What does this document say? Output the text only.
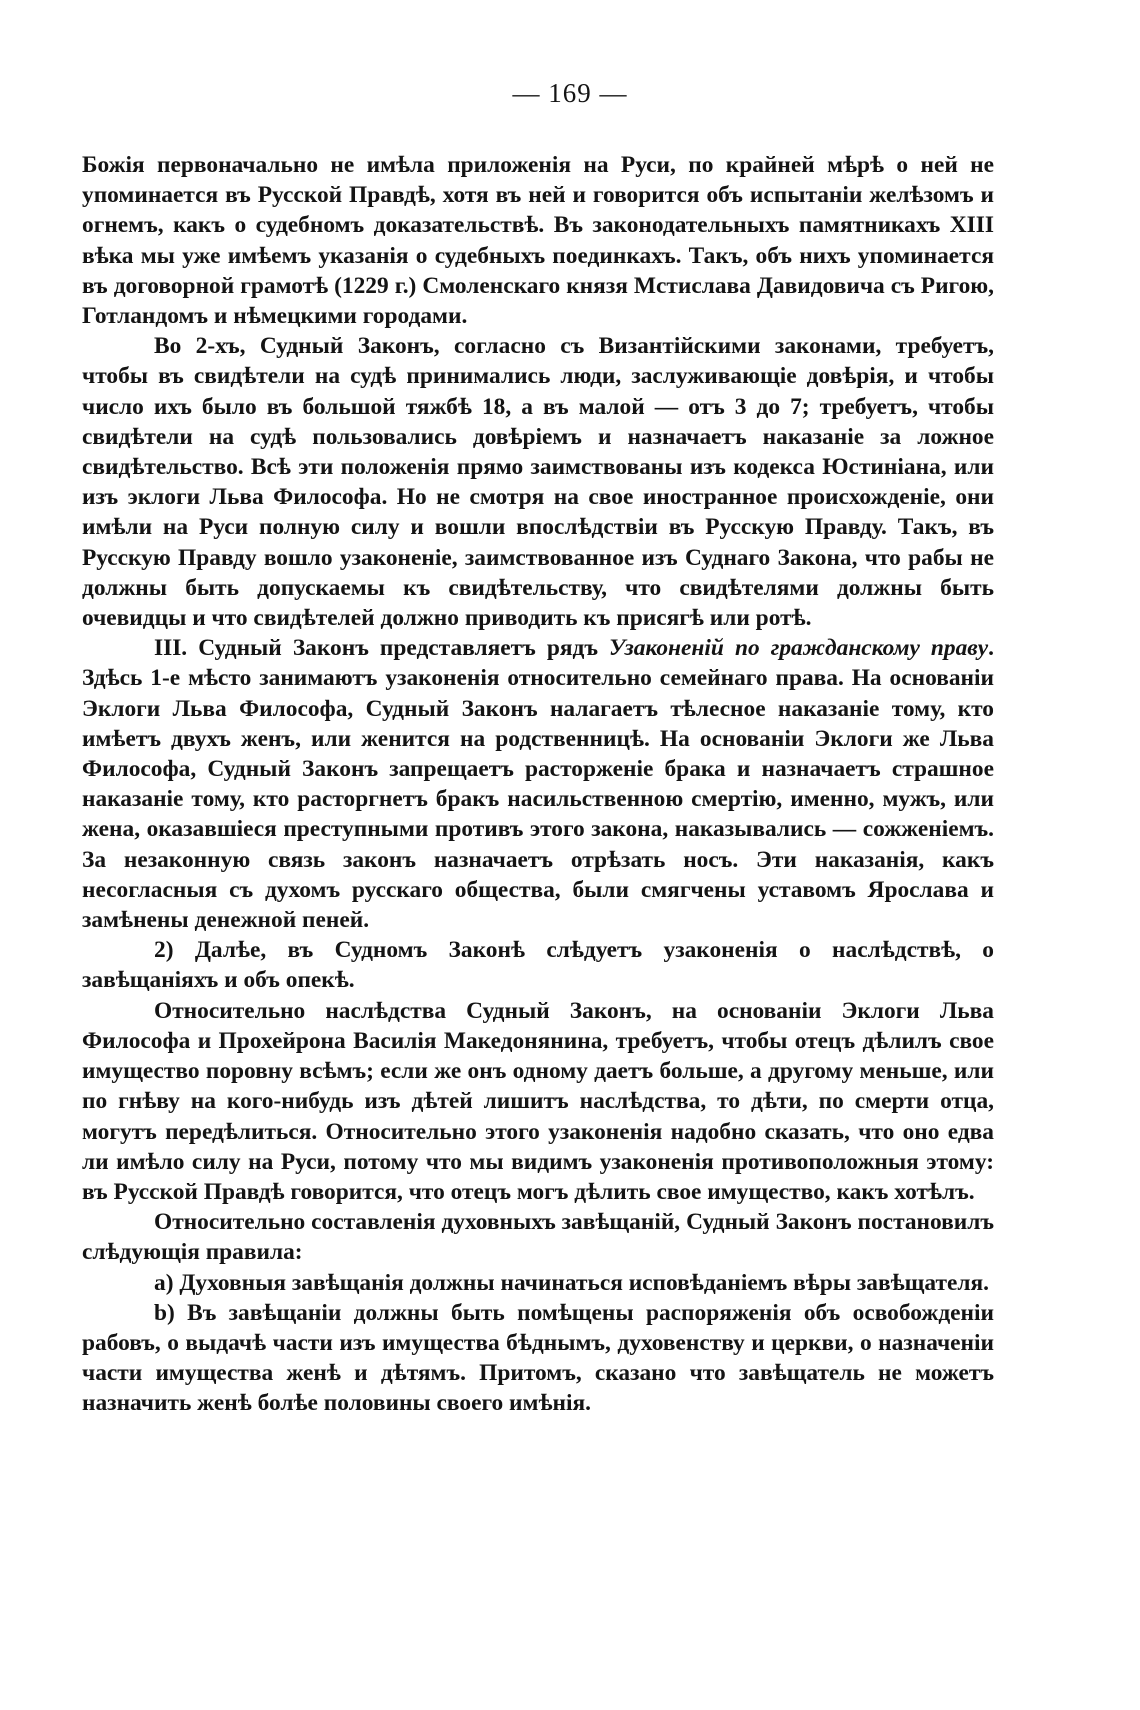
— 169 —

Божія первоначально не имѣла приложенія на Руси, по крайней мѣрѣ о ней не упоминается въ Русской Правдѣ, хотя въ ней и говорится объ испытаніи желѣзомъ и огнемъ, какъ о судебномъ доказательствѣ. Въ законодательныхъ памятникахъ XIII вѣка мы уже имѣемъ указанія о судебныхъ поединкахъ. Такъ, объ нихъ упоминается въ договорной грамотѣ (1229 г.) Смоленскаго князя Мстислава Давидовича съ Ригою, Готландомъ и нѣмецкими городами.

Во 2-хъ, Судный Законъ, согласно съ Византійскими законами, требуетъ, чтобы въ свидѣтели на судѣ принимались люди, заслуживающіе довѣрія, и чтобы число ихъ было въ большой тяжбѣ 18, а въ малой — отъ 3 до 7; требуетъ, чтобы свидѣтели на судѣ пользовались довѣріемъ и назначаетъ наказаніе за ложное свидѣтельство. Всѣ эти положенія прямо заимствованы изъ кодекса Юстиніана, или изъ эклоги Льва Философа. Но не смотря на свое иностранное происхожденіе, они имѣли на Руси полную силу и вошли впослѣдствіи въ Русскую Правду. Такъ, въ Русскую Правду вошло узаконеніе, заимствованное изъ Суднаго Закона, что рабы не должны быть допускаемы къ свидѣтельству, что свидѣтелями должны быть очевидцы и что свидѣтелей должно приводить къ присягѣ или ротѣ.

III. Судный Законъ представляетъ рядъ Узаконеній по гражданскому праву. Здѣсь 1-е мѣсто занимаютъ узаконенія относительно семейнаго права. На основаніи Эклоги Льва Философа, Судный Законъ налагаетъ тѣлесное наказаніе тому, кто имѣетъ двухъ женъ, или женится на родственницѣ. На основаніи Эклоги же Льва Философа, Судный Законъ запрещаетъ расторженіе брака и назначаетъ страшное наказаніе тому, кто расторгнетъ бракъ насильственною смертію, именно, мужъ, или жена, оказавшіеся преступными противъ этого закона, наказывались — сожженіемъ. За незаконную связь законъ назначаетъ отрѣзать носъ. Эти наказанія, какъ несогласныя съ духомъ русскаго общества, были смягчены уставомъ Ярослава и замѣнены денежной пеней.

2) Далѣе, въ Судномъ Законѣ слѣдуетъ узаконенія о наслѣдствѣ, о завѣщаніяхъ и объ опекѣ.

Относительно наслѣдства Судный Законъ, на основаніи Эклоги Льва Философа и Прохейрона Василія Македонянина, требуетъ, чтобы отецъ дѣлилъ свое имущество поровну всѣмъ; если же онъ одному даетъ больше, а другому меньше, или по гнѣву на кого-нибудь изъ дѣтей лишитъ наслѣдства, то дѣти, по смерти отца, могутъ передѣлиться. Относительно этого узаконенія надобно сказать, что оно едва ли имѣло силу на Руси, потому что мы видимъ узаконенія противоположныя этому: въ Русской Правдѣ говорится, что отецъ могъ дѣлить свое имущество, какъ хотѣлъ.

Относительно составленія духовныхъ завѣщаній, Судный Законъ постановилъ слѣдующія правила:

a) Духовныя завѣщанія должны начинаться исповѣданіемъ вѣры завѣщателя.

b) Въ завѣщаніи должны быть помѣщены распоряженія объ освобожденіи рабовъ, о выдачѣ части изъ имущества бѣднымъ, духовенству и церкви, о назначеніи части имущества женѣ и дѣтямъ. Притомъ, сказано что завѣщатель не можетъ назначить женѣ болѣе половины своего имѣнія.
